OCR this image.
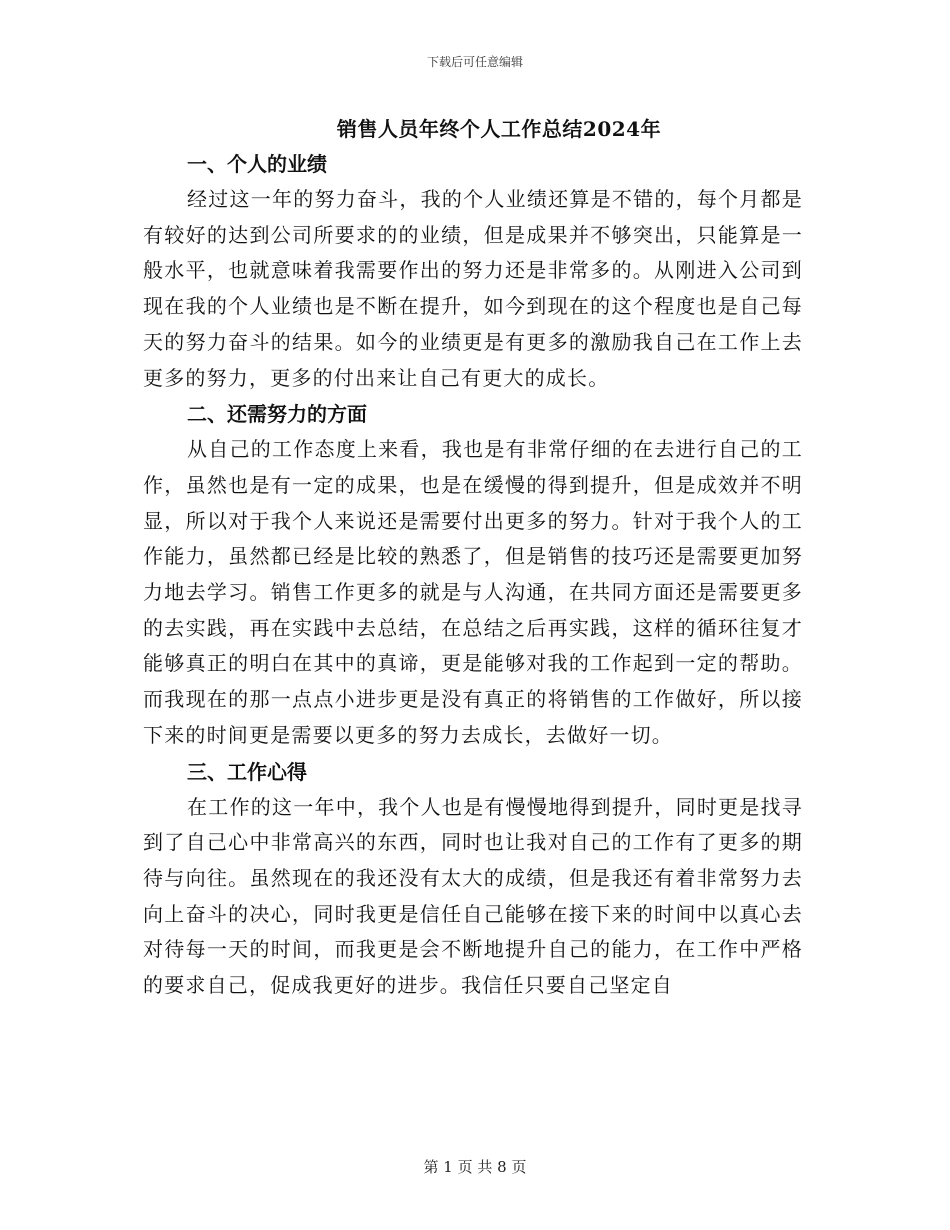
下载后可任意编辑
销售人员年终个人工作总结2024年
一、个人的业绩

经过这一年的努力奋斗，我的个人业绩还算是不错的，每个月都是有较好的达到公司所要求的的业绩，但是成果并不够突出，只能算是一般水平，也就意味着我需要作出的努力还是非常多的。从刚进入公司到现在我的个人业绩也是不断在提升，如今到现在的这个程度也是自己每天的努力奋斗的结果。如今的业绩更是有更多的激励我自己在工作上去更多的努力，更多的付出来让自己有更大的成长。

二、还需努力的方面

从自己的工作态度上来看，我也是有非常仔细的在去进行自己的工作，虽然也是有一定的成果，也是在缓慢的得到提升，但是成效并不明显，所以对于我个人来说还是需要付出更多的努力。针对于我个人的工作能力，虽然都已经是比较的熟悉了，但是销售的技巧还是需要更加努力地去学习。销售工作更多的就是与人沟通，在共同方面还是需要更多的去实践，再在实践中去总结，在总结之后再实践，这样的循环往复才能够真正的明白在其中的真谛，更是能够对我的工作起到一定的帮助。而我现在的那一点点小进步更是没有真正的将销售的工作做好，所以接下来的时间更是需要以更多的努力去成长，去做好一切。

三、工作心得

在工作的这一年中，我个人也是有慢慢地得到提升，同时更是找寻到了自己心中非常高兴的东西，同时也让我对自己的工作有了更多的期待与向往。虽然现在的我还没有太大的成绩，但是我还有着非常努力去向上奋斗的决心，同时我更是信任自己能够在接下来的时间中以真心去对待每一天的时间，而我更是会不断地提升自己的能力，在工作中严格的要求自己，促成我更好的进步。我信任只要自己坚定自

第 1 页 共 8 页
